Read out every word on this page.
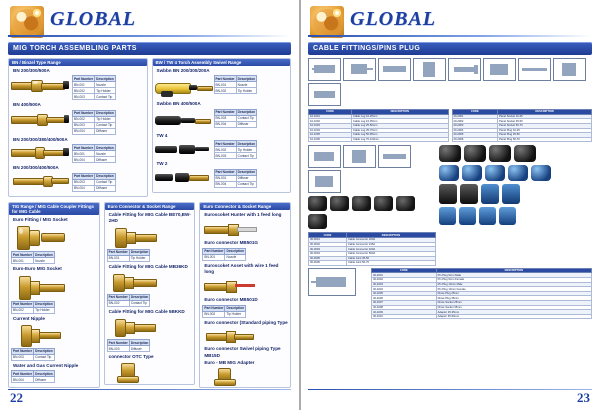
GLOBAL
MIG TORCH ASSEMBLING PARTS
BN / Binzel Type Range
BN 200/300/500A
Part Number	Description
BN-001	Nozzle
BN-002	Tip Holder
BN-003	Contact Tip
BN 400/500A
Part Number	Description
BN-002	Tip Holder
BN-003	Contact Tip
BN-004	Diffuser
BN 200/300/380/400/500A
Part Number	Description
BN-001	Nozzle
BN-004	Diffuser
BN 200/300/400/500A
Part Number	Description
BN-003	Contact Tip
BN-004	Diffuser
BW / TW 4 Torch Assembly Swivel Range
Swbbn BN 200/300/200A
Part Number	Description
BN-001	Nozzle
BN-002	Tip Holder
Swbbn BN 400/500A
Part Number	Description
BN-003	Contact Tip
BN-004	Diffuser
TW 4
Part Number	Description
BN-002	Tip Holder
BN-003	Contact Tip
TW 2
Part Number	Description
BN-001	Diffuser
BN-004	Contact Tip
TIG Range / MIG Cable Coupler Fittings for MIG Cable
Euro Fitting / MIG Socket
Part Number	Description
BN-001	Nozzle
Euro-Euro MIG Socket
Part Number	Description
BN-002	Tip Holder
Current Nipple
Part Number	Description
BN-003	Contact Tip
Water and Gas Current Nipple
Part Number	Description
BN-004	Diffuser
Euro Connector & Socket Range
Cable Fitting for MIG Cable BE70,BW-2HD
Part Number	Description
BN-001	Tip Holder
Cable Fitting for MIG Cable MB36KD
Part Number	Description
BN-002	Contact Tip
Cable Fitting for MIG Cable 5BKKD
Part Number	Description
BN-003	Diffuser
connector OTC Type
Euro Connector & Socket Range
Euroscoket Hunter with 1 feed long
Euro connector MB501G
Part Number	Description
BN-001	Nozzle
Euroscoket Asset with wire 1 feed long
Euro connector MB501D
Part Number	Description
BN-002	Tip Holder
Euro connector (Standard piping Type
Euro connector Swivel piping Type MB15D
Euro - MB MIG Adapter
22
GLOBAL
CABLE FITTINGS/PINS PLUG
CODE	DESCRIPTION
10-1001	Cable Lug 10-25mm
10-1002	Cable Lug 16-35mm
10-1003	Cable Lug 25-50mm
10-1004	Cable Lug 35-70mm
10-1005	Cable Lug 50-95mm
10-1006	Cable Lug 70-120mm
CODE	DESCRIPTION
20-2001	Panel Socket 10-25
20-2002	Panel Socket 35-50
20-2003	Panel Socket 50-70
20-2004	Panel Plug 10-25
20-2005	Panel Plug 35-50
20-2006	Panel Plug 50-70
CODE	DESCRIPTION
30-3001	Cable Connector 200A
30-3002	Cable Connector 315A
30-3003	Cable Connector 400A
30-3004	Cable Connector 500A
30-3005	Cable Joint 35-50
30-3006	Cable Joint 50-70
CODE	DESCRIPTION
40-4001	Pin Plug 9mm Male
40-4002	Pin Plug 9mm Female
40-4003	Pin Plug 13mm Male
40-4004	Pin Plug 13mm Female
40-4005	Dinse Plug 25mm
40-4006	Dinse Plug 35mm
40-4007	Dinse Socket 25mm
40-4008	Dinse Socket 35mm
40-4009	Adaptor 25-35mm
40-4010	Adaptor 35-50mm
23
